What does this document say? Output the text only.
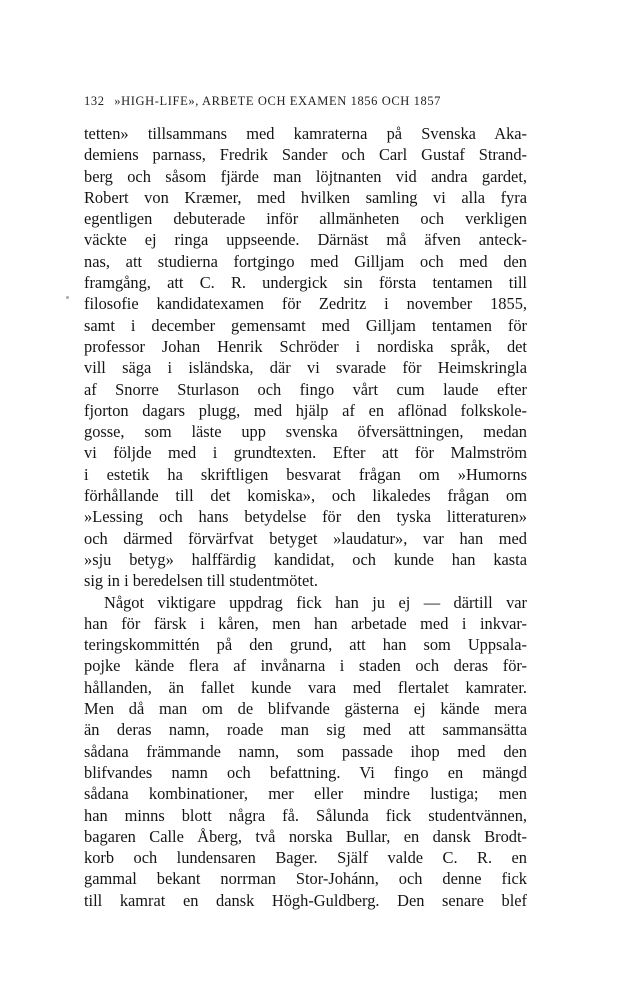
132 »HIGH-LIFE», ARBETE OCH EXAMEN 1856 OCH 1857
tetten» tillsammans med kamraterna på Svenska Aka-
demiens parnass, Fredrik Sander och Carl Gustaf Strand-
berg och såsom fjärde man löjtnanten vid andra gardet,
Robert von Kræmer, med hvilken samling vi alla fyra
egentligen debuterade inför allmänheten och verkligen
väckte ej ringa uppseende. Därnäst må äfven anteck-
nas, att studierna fortgingo med Gilljam och med den
framgång, att C. R. undergick sin första tentamen till
filosofie kandidatexamen för Zedritz i november 1855,
samt i december gemensamt med Gilljam tentamen för
professor Johan Henrik Schröder i nordiska språk, det
vill säga i isländska, där vi svarade för Heimskringla
af Snorre Sturlason och fingo vårt cum laude efter
fjorton dagars plugg, med hjälp af en aflönad folkskole-
gosse, som läste upp svenska öfversättningen, medan
vi följde med i grundtexten. Efter att för Malmström
i estetik ha skriftligen besvarat frågan om »Humorns
förhållande till det komiska», och likaledes frågan om
»Lessing och hans betydelse för den tyska litteraturen»
och därmed förvärfvat betyget »laudatur», var han med
»sju betyg» halffärdig kandidat, och kunde han kasta
sig in i beredelsen till studentmötet.
Något viktigare uppdrag fick han ju ej — därtill var
han för färsk i kåren, men han arbetade med i inkvar-
teringskommittén på den grund, att han som Uppsala-
pojke kände flera af invånarna i staden och deras för-
hållanden, än fallet kunde vara med flertalet kamrater.
Men då man om de blifvande gästerna ej kände mera
än deras namn, roade man sig med att sammansätta
sådana främmande namn, som passade ihop med den
blifvandes namn och befattning. Vi fingo en mängd
sådana kombinationer, mer eller mindre lustiga; men
han minns blott några få. Sålunda fick studentvännen,
bagaren Calle Åberg, två norska Bullar, en dansk Brodt-
korb och lundensaren Bager. Själf valde C. R. en
gammal bekant norrman Stor-Johánn, och denne fick
till kamrat en dansk Högh-Guldberg. Den senare blef
